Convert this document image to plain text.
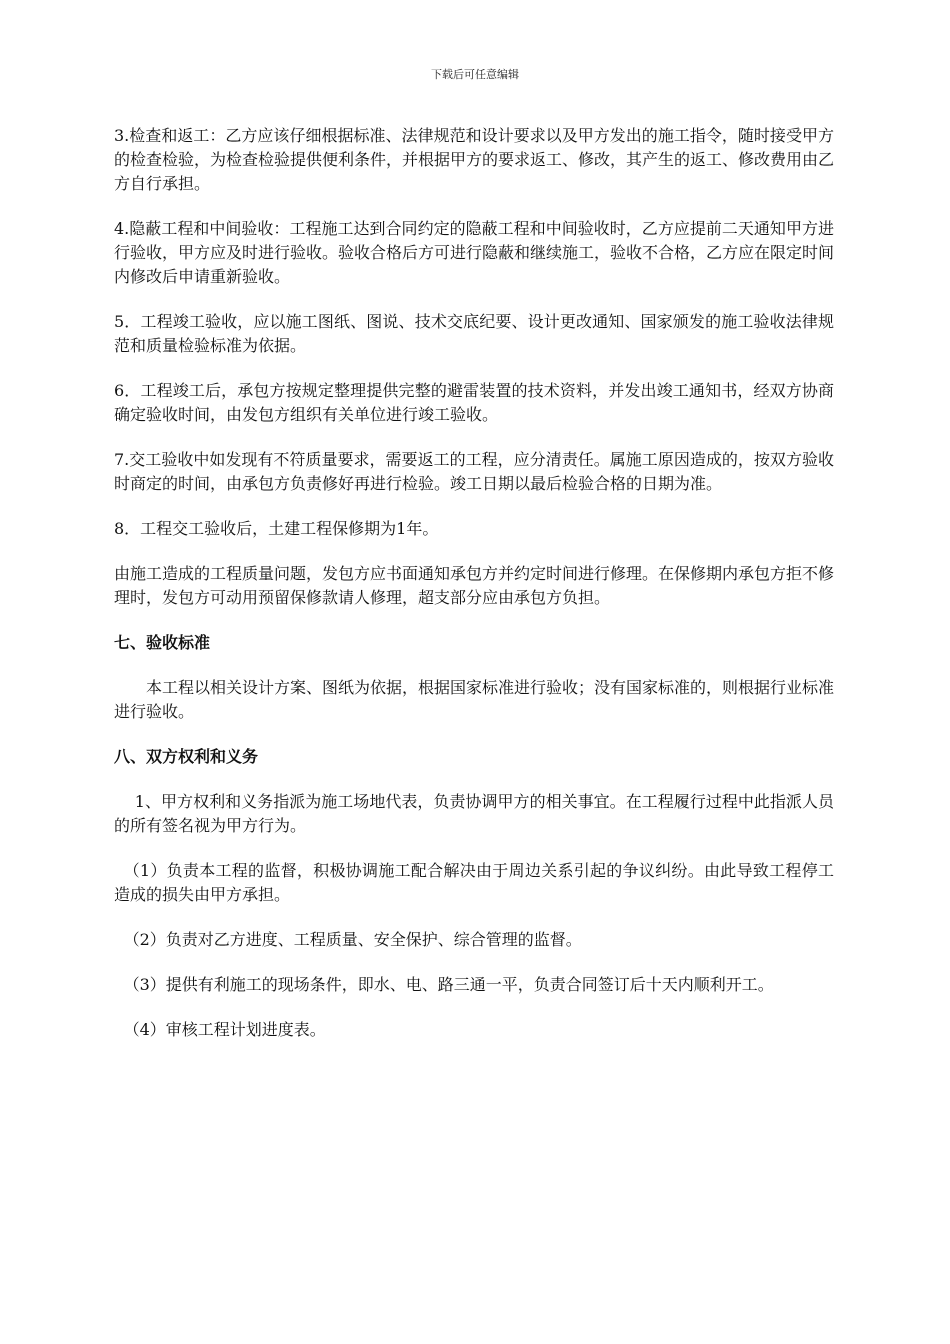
下载后可任意编辑

3.检查和返工：乙方应该仔细根据标准、法律规范和设计要求以及甲方发出的施工指令，随时接受甲方的检查检验，为检查检验提供便利条件，并根据甲方的要求返工、修改，其产生的返工、修改费用由乙方自行承担。

4.隐蔽工程和中间验收：工程施工达到合同约定的隐蔽工程和中间验收时，乙方应提前二天通知甲方进行验收，甲方应及时进行验收。验收合格后方可进行隐蔽和继续施工，验收不合格，乙方应在限定时间内修改后申请重新验收。

5．工程竣工验收，应以施工图纸、图说、技术交底纪要、设计更改通知、国家颁发的施工验收法律规范和质量检验标准为依据。

6．工程竣工后，承包方按规定整理提供完整的避雷装置的技术资料，并发出竣工通知书，经双方协商确定验收时间，由发包方组织有关单位进行竣工验收。

7.交工验收中如发现有不符质量要求，需要返工的工程，应分清责任。属施工原因造成的，按双方验收时商定的时间，由承包方负责修好再进行检验。竣工日期以最后检验合格的日期为准。

8．工程交工验收后，土建工程保修期为1年。

由施工造成的工程质量问题，发包方应书面通知承包方并约定时间进行修理。在保修期内承包方拒不修理时，发包方可动用预留保修款请人修理，超支部分应由承包方负担。

七、验收标准

本工程以相关设计方案、图纸为依据，根据国家标准进行验收；没有国家标准的，则根据行业标准进行验收。

八、双方权利和义务

1、甲方权利和义务指派为施工场地代表，负责协调甲方的相关事宜。在工程履行过程中此指派人员的所有签名视为甲方行为。

（1）负责本工程的监督，积极协调施工配合解决由于周边关系引起的争议纠纷。由此导致工程停工造成的损失由甲方承担。

（2）负责对乙方进度、工程质量、安全保护、综合管理的监督。

（3）提供有利施工的现场条件，即水、电、路三通一平，负责合同签订后十天内顺利开工。

（4）审核工程计划进度表。
